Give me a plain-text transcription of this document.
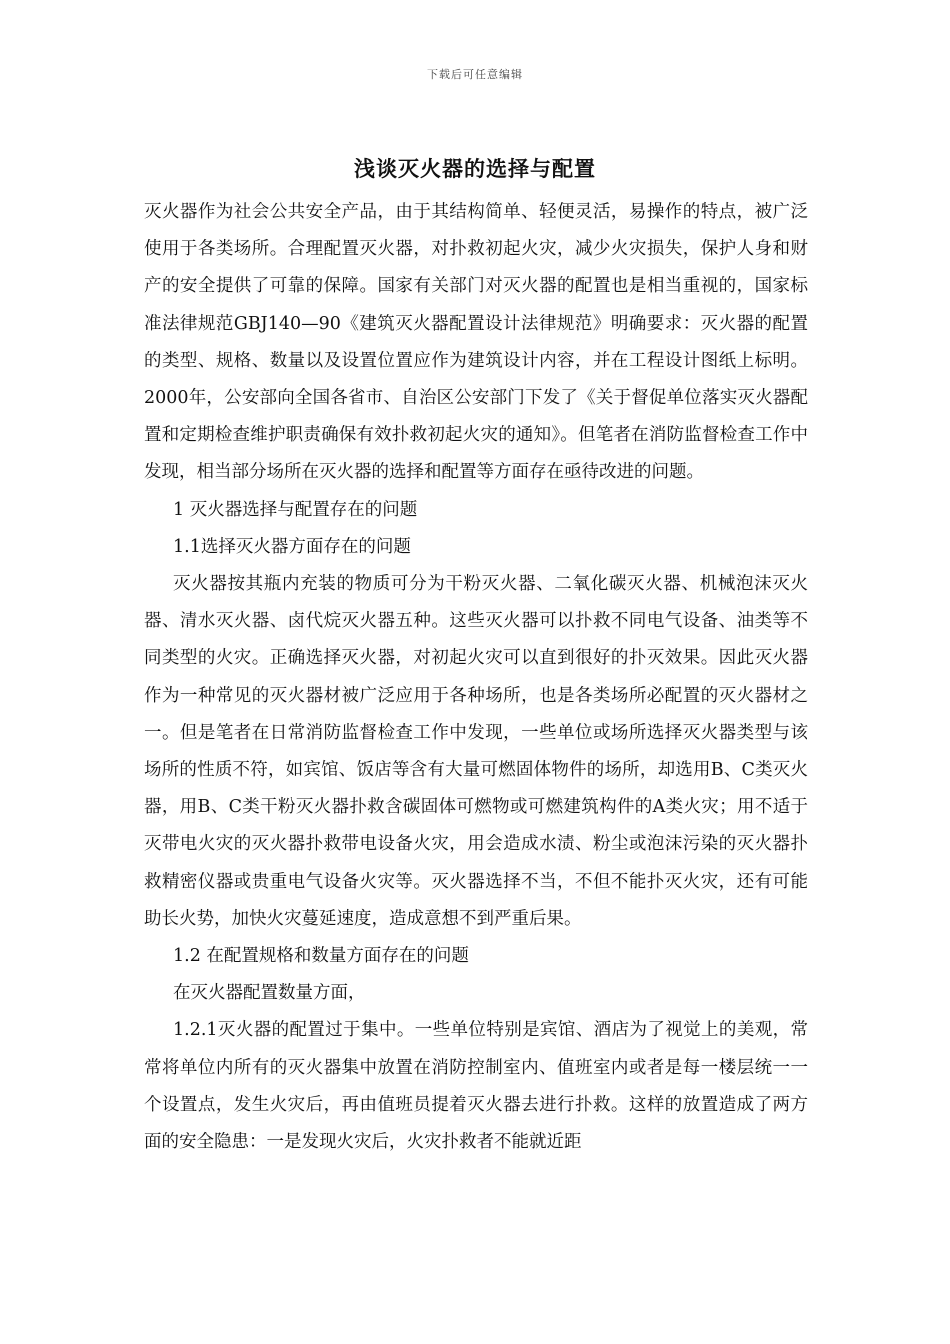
下载后可任意编辑
浅谈灭火器的选择与配置

灭火器作为社会公共安全产品，由于其结构简单、轻便灵活，易操作的特点，被广泛使用于各类场所。合理配置灭火器，对扑救初起火灾，减少火灾损失，保护人身和财产的安全提供了可靠的保障。国家有关部门对灭火器的配置也是相当重视的，国家标准法律规范GBJ140—90《建筑灭火器配置设计法律规范》明确要求：灭火器的配置的类型、规格、数量以及设置位置应作为建筑设计内容，并在工程设计图纸上标明。2000年，公安部向全国各省市、自治区公安部门下发了《关于督促单位落实灭火器配置和定期检查维护职责确保有效扑救初起火灾的通知》。但笔者在消防监督检查工作中发现，相当部分场所在灭火器的选择和配置等方面存在亟待改进的问题。

1 灭火器选择与配置存在的问题

1.1选择灭火器方面存在的问题

灭火器按其瓶内充装的物质可分为干粉灭火器、二氧化碳灭火器、机械泡沫灭火器、清水灭火器、卤代烷灭火器五种。这些灭火器可以扑救不同电气设备、油类等不同类型的火灾。正确选择灭火器，对初起火灾可以直到很好的扑灭效果。因此灭火器作为一种常见的灭火器材被广泛应用于各种场所，也是各类场所必配置的灭火器材之一。但是笔者在日常消防监督检查工作中发现，一些单位或场所选择灭火器类型与该场所的性质不符，如宾馆、饭店等含有大量可燃固体物件的场所，却选用B、C类灭火器，用B、C类干粉灭火器扑救含碳固体可燃物或可燃建筑构件的A类火灾；用不适于灭带电火灾的灭火器扑救带电设备火灾，用会造成水渍、粉尘或泡沫污染的灭火器扑救精密仪器或贵重电气设备火灾等。灭火器选择不当，不但不能扑灭火灾，还有可能助长火势，加快火灾蔓延速度，造成意想不到严重后果。

1.2 在配置规格和数量方面存在的问题

在灭火器配置数量方面，

1.2.1灭火器的配置过于集中。一些单位特别是宾馆、酒店为了视觉上的美观，常常将单位内所有的灭火器集中放置在消防控制室内、值班室内或者是每一楼层统一一个设置点，发生火灾后，再由值班员提着灭火器去进行扑救。这样的放置造成了两方面的安全隐患：一是发现火灾后，火灾扑救者不能就近距
